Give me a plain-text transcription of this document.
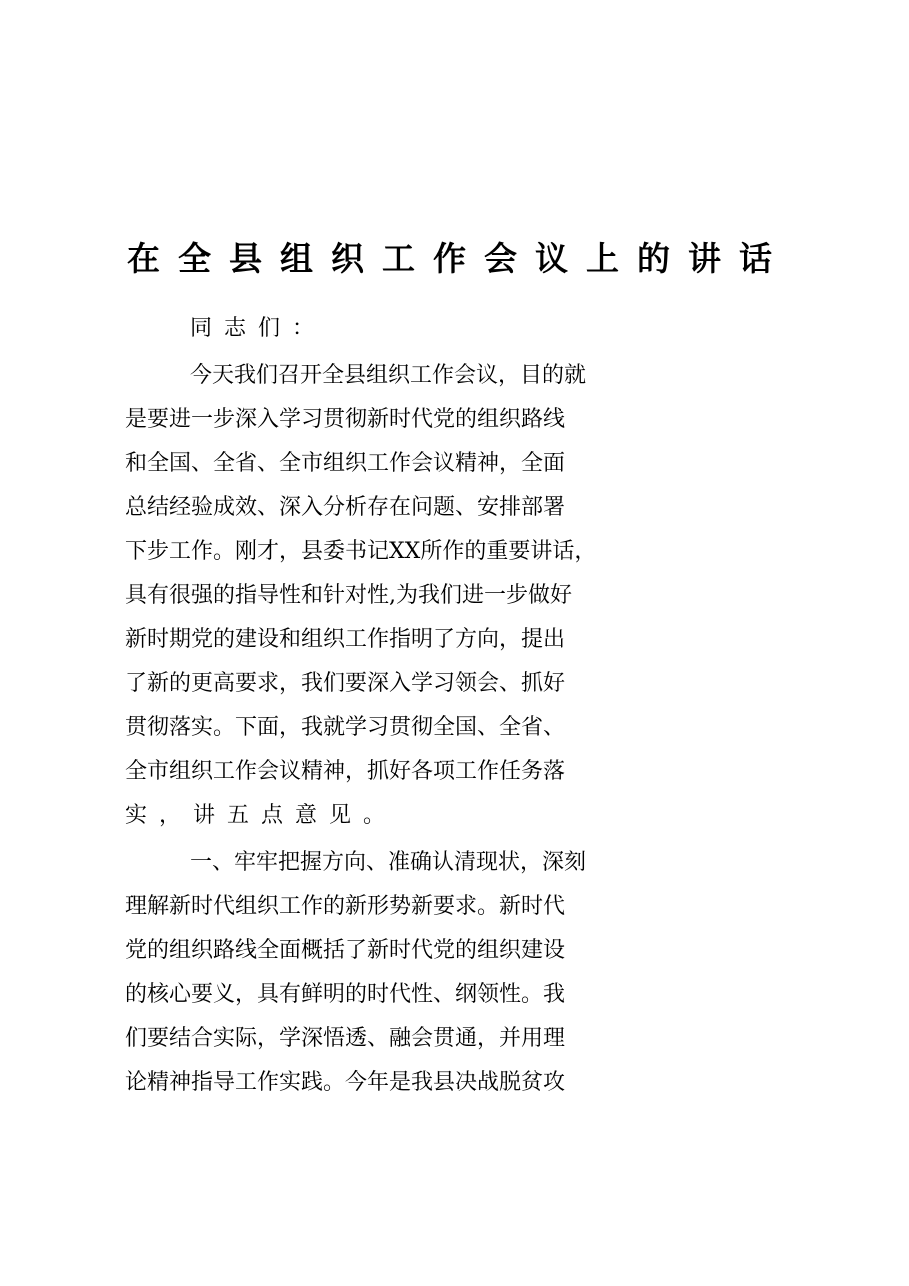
在全县组织工作会议上的讲话
同志们：
今天我们召开全县组织工作会议，目的就
是要进一步深入学习贯彻新时代党的组织路线
和全国、全省、全市组织工作会议精神，全面
总结经验成效、深入分析存在问题、安排部署
下步工作。刚才，县委书记XX所作的重要讲话，
具有很强的指导性和针对性,为我们进一步做好
新时期党的建设和组织工作指明了方向，提出
了新的更高要求，我们要深入学习领会、抓好
贯彻落实。下面，我就学习贯彻全国、全省、
全市组织工作会议精神，抓好各项工作任务落
实，讲五点意见。
一、牢牢把握方向、准确认清现状，深刻
理解新时代组织工作的新形势新要求。新时代
党的组织路线全面概括了新时代党的组织建设
的核心要义，具有鲜明的时代性、纲领性。我
们要结合实际，学深悟透、融会贯通，并用理
论精神指导工作实践。今年是我县决战脱贫攻
